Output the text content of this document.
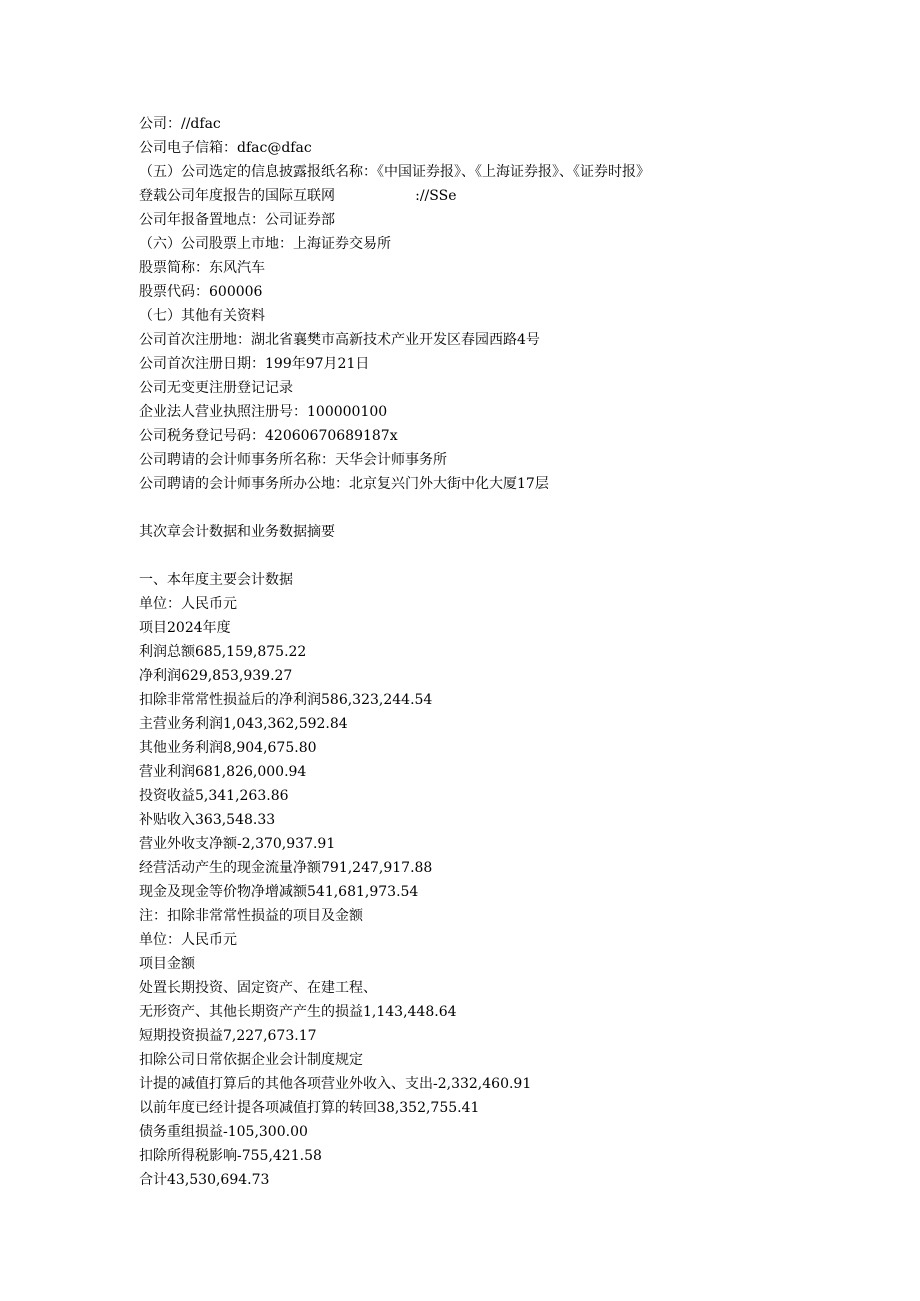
公司：//dfac
公司电子信箱：dfac@dfac
（五）公司选定的信息披露报纸名称：《中国证券报》、《上海证券报》、《证券时报》
登载公司年度报告的国际互联网                  ://SSe
公司年报备置地点：公司证券部
（六）公司股票上市地：上海证券交易所
股票简称：东风汽车
股票代码：600006
（七）其他有关资料
公司首次注册地：湖北省襄樊市高新技术产业开发区春园西路4号
公司首次注册日期：199年97月21日
公司无变更注册登记记录
企业法人营业执照注册号：100000100
公司税务登记号码：42060670689187x
公司聘请的会计师事务所名称：天华会计师事务所
公司聘请的会计师事务所办公地：北京复兴门外大街中化大厦17层
其次章会计数据和业务数据摘要
一、本年度主要会计数据
单位：人民币元
项目2024年度
利润总额685,159,875.22
净利润629,853,939.27
扣除非常常性损益后的净利润586,323,244.54
主营业务利润1,043,362,592.84
其他业务利润8,904,675.80
营业利润681,826,000.94
投资收益5,341,263.86
补贴收入363,548.33
营业外收支净额-2,370,937.91
经营活动产生的现金流量净额791,247,917.88
现金及现金等价物净增减额541,681,973.54
注：扣除非常常性损益的项目及金额
单位：人民币元
项目金额
处置长期投资、固定资产、在建工程、
无形资产、其他长期资产产生的损益1,143,448.64
短期投资损益7,227,673.17
扣除公司日常依据企业会计制度规定
计提的减值打算后的其他各项营业外收入、支出-2,332,460.91
以前年度已经计提各项减值打算的转回38,352,755.41
债务重组损益-105,300.00
扣除所得税影响-755,421.58
合计43,530,694.73
